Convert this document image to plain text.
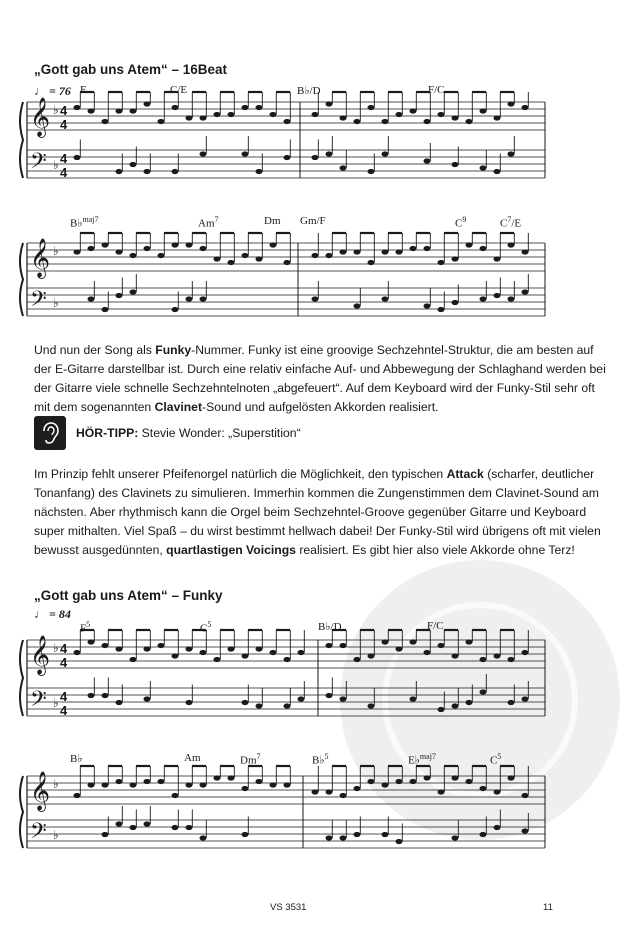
𝄞
𝄢
♭
♭
4
4
4
4
4
4
4
4
𝄞
𝄢
♭
♭
𝄞
𝄢
♭
♭
𝄞
𝄢
♭
♭
„Gott gab uns Atem“ – 16Beat
♩ = 76 F	C/E	B♭/D	F/C
B♭$^{maj7}$	Am$^7$	Dm Gm/F	$C^9$	$C^7/E$
Und nun der Song als Funky-Nummer. Funky ist eine groovige Sechzehntel-Struktur, die am besten auf der E-Gitarre darstellbar ist. Durch eine relativ einfache Auf- und Abbewegung der Schlaghand werden bei der Gitarre viele schnelle Sechzehntelnoten „abgefeuert“. Auf dem Keyboard wird der Funky-Stil sehr oft mit dem sogenannten Clavinet-Sound und aufgelösten Akkorden realisiert.
HÖR-TIPP: Stevie Wonder: „Superstition“
Im Prinzip fehlt unserer Pfeifenorgel natürlich die Möglichkeit, den typischen Attack (scharfer, deutlicher Tonanfang) des Clavinets zu simulieren. Immerhin kommen die Zungenstimmen dem Clavinet-Sound am nächsten. Aber rhythmisch kann die Orgel beim Sechzehntel-Groove gegenüber Gitarre und Keyboard super mithalten. Viel Spaß – du wirst bestimmt hellwach dabei! Der Funky-Stil wird übrigens oft mit vielen bewusst ausgedünnten, quartlastigen Voicings realisiert. Es gibt hier also viele Akkorde ohne Terz!
„Gott gab uns Atem“ – Funky
♩ = 84
$F^5$	$C^5$	B♭/D	F/C
B♭	Am	Dm$^7$	B♭$^5$	E♭$^{maj7}$	$C^5$
VS 3531	11
